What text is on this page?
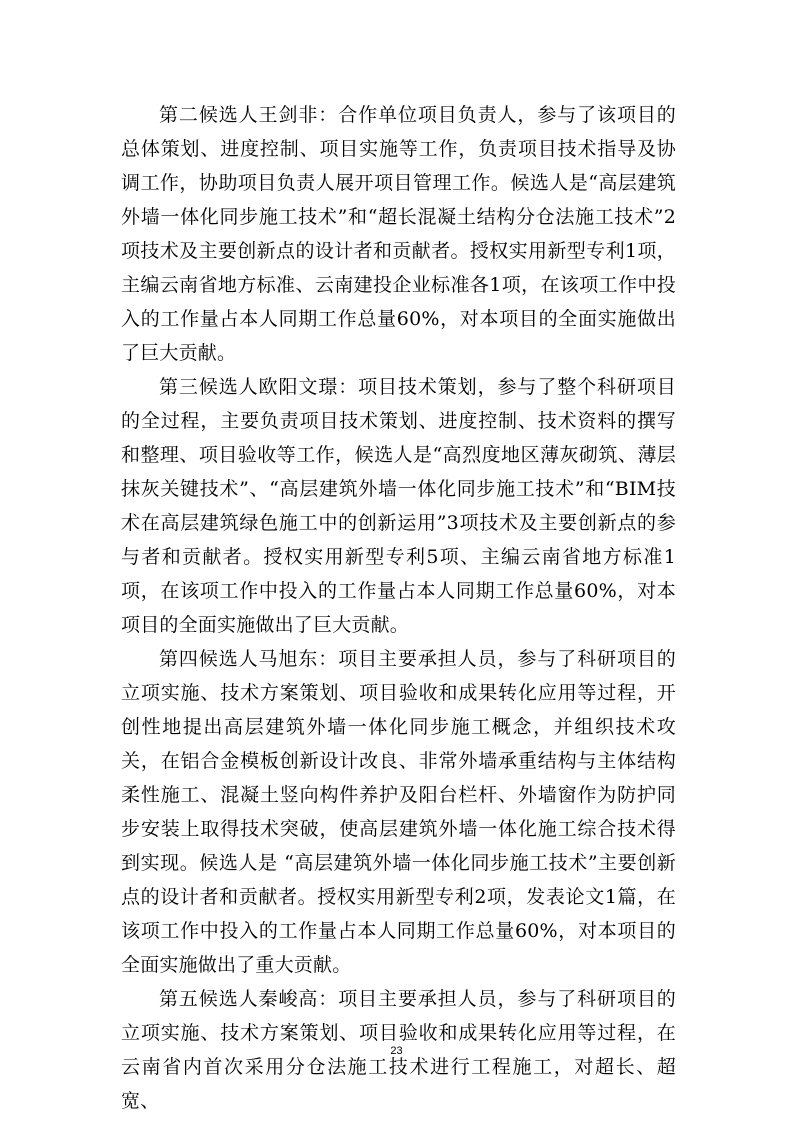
第二候选人王剑非：合作单位项目负责人，参与了该项目的总体策划、进度控制、项目实施等工作，负责项目技术指导及协调工作，协助项目负责人展开项目管理工作。候选人是“高层建筑外墙一体化同步施工技术”和“超长混凝土结构分仓法施工技术”2项技术及主要创新点的设计者和贡献者。授权实用新型专利1项，主编云南省地方标准、云南建投企业标准各1项，在该项工作中投入的工作量占本人同期工作总量60%，对本项目的全面实施做出了巨大贡献。

第三候选人欧阳文璟：项目技术策划，参与了整个科研项目的全过程，主要负责项目技术策划、进度控制、技术资料的撰写和整理、项目验收等工作，候选人是“高烈度地区薄灰砌筑、薄层抹灰关键技术”、“高层建筑外墙一体化同步施工技术”和“BIM技术在高层建筑绿色施工中的创新运用”3项技术及主要创新点的参与者和贡献者。授权实用新型专利5项、主编云南省地方标准1项，在该项工作中投入的工作量占本人同期工作总量60%，对本项目的全面实施做出了巨大贡献。

第四候选人马旭东：项目主要承担人员，参与了科研项目的立项实施、技术方案策划、项目验收和成果转化应用等过程，开创性地提出高层建筑外墙一体化同步施工概念，并组织技术攻关，在铝合金模板创新设计改良、非常外墙承重结构与主体结构柔性施工、混凝土竖向构件养护及阳台栏杆、外墙窗作为防护同步安装上取得技术突破，使高层建筑外墙一体化施工综合技术得到实现。候选人是 “高层建筑外墙一体化同步施工技术”主要创新点的设计者和贡献者。授权实用新型专利2项，发表论文1篇，在该项工作中投入的工作量占本人同期工作总量60%，对本项目的全面实施做出了重大贡献。

第五候选人秦峻高：项目主要承担人员，参与了科研项目的立项实施、技术方案策划、项目验收和成果转化应用等过程，在云南省内首次采用分仓法施工技术进行工程施工，对超长、超宽、

23
